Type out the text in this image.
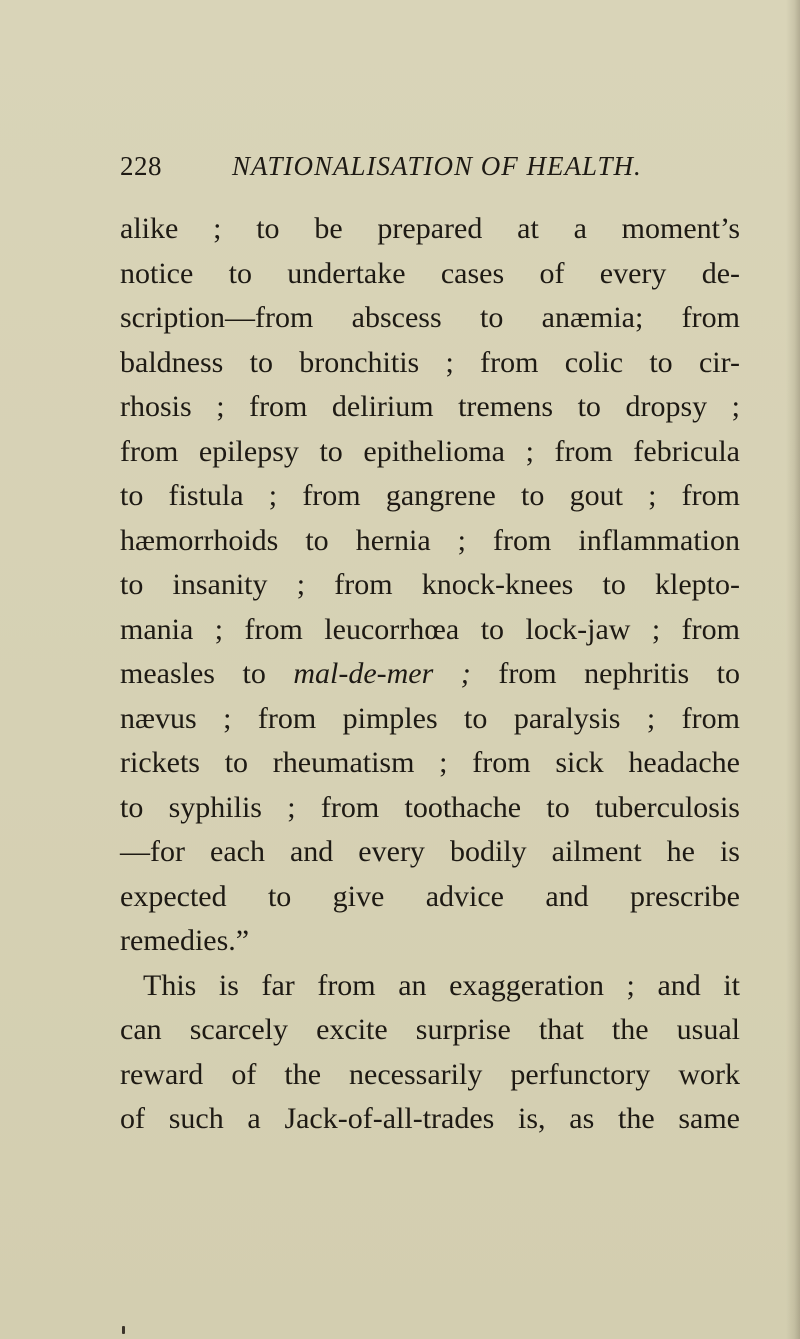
228	NATIONALISATION OF HEALTH.
alike ; to be prepared at a moment’s
notice to undertake cases of every de-
scription—from abscess to anæmia; from
baldness to bronchitis ; from colic to cir-
rhosis ; from delirium tremens to dropsy ;
from epilepsy to epithelioma ; from febricula
to fistula ; from gangrene to gout ; from
hæmorrhoids to hernia ; from inflammation
to insanity ; from knock-knees to klepto-
mania ; from leucorrhœa to lock-jaw ; from
measles to mal-de-mer ; from nephritis to
nævus ; from pimples to paralysis ; from
rickets to rheumatism ; from sick headache
to syphilis ; from toothache to tuberculosis
—for each and every bodily ailment he is
expected to give advice and prescribe
remedies.”
This is far from an exaggeration ; and it
can scarcely excite surprise that the usual
reward of the necessarily perfunctory work
of such a Jack-of-all-trades is, as the same
